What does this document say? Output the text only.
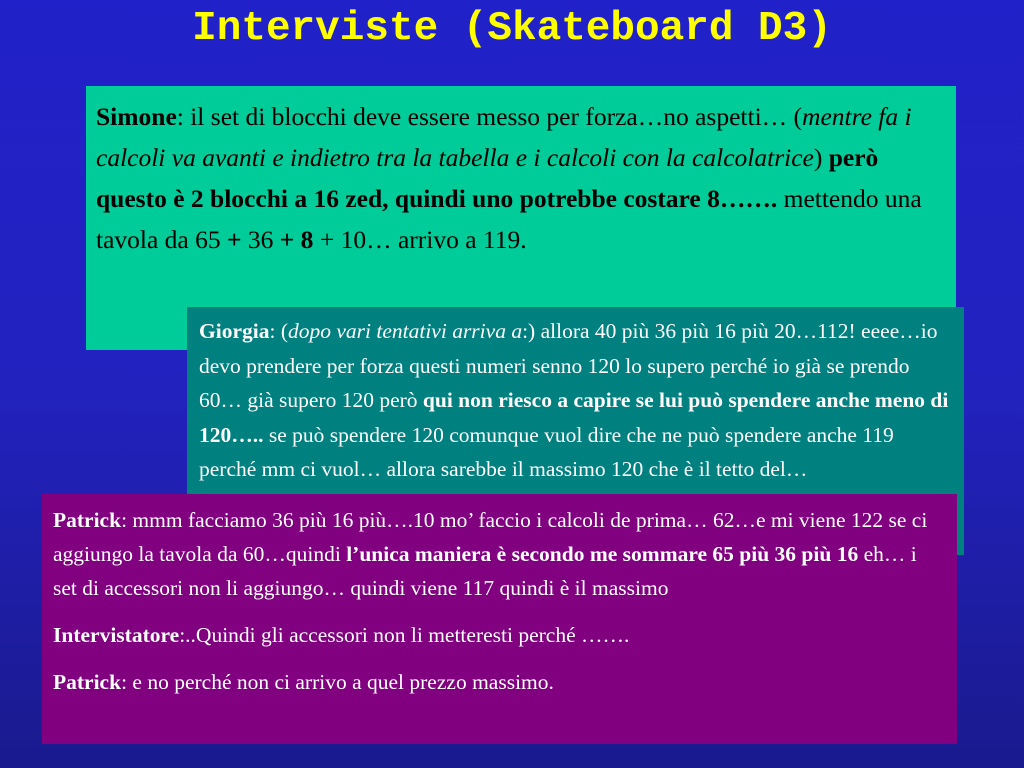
Interviste (Skateboard D3)
Simone: il set di blocchi deve essere messo per forza…no aspetti… (mentre fa i calcoli va avanti e indietro tra la tabella e i calcoli con la calcolatrice) però questo è 2 blocchi a 16 zed, quindi uno potrebbe costare 8……. mettendo una tavola da 65 + 36 + 8 + 10… arrivo a 119.
Giorgia: (dopo vari tentativi arriva a:) allora 40 più 36 più 16 più 20…112! eeee…io devo prendere per forza questi numeri senno 120 lo supero perché io già se prendo 60… già supero 120 però qui non riesco a capire se lui può spendere anche meno di 120….. se può spendere 120 comunque vuol dire che ne può spendere anche 119 perché mm ci vuol… allora sarebbe il massimo 120 che è il tetto del…

Patrick: mmm facciamo 36 più 16 più….10 mo’ faccio i calcoli de prima… 62…e mi viene 122 se ci aggiungo la tavola da 60…quindi l’unica maniera è secondo me sommare 65 più 36 più 16 eh… i set di accessori non li aggiungo… quindi viene 117 quindi è il massimo

Intervistatore:..Quindi gli accessori non li metteresti perché …….

Patrick: e no perché non ci arrivo a quel prezzo massimo.
